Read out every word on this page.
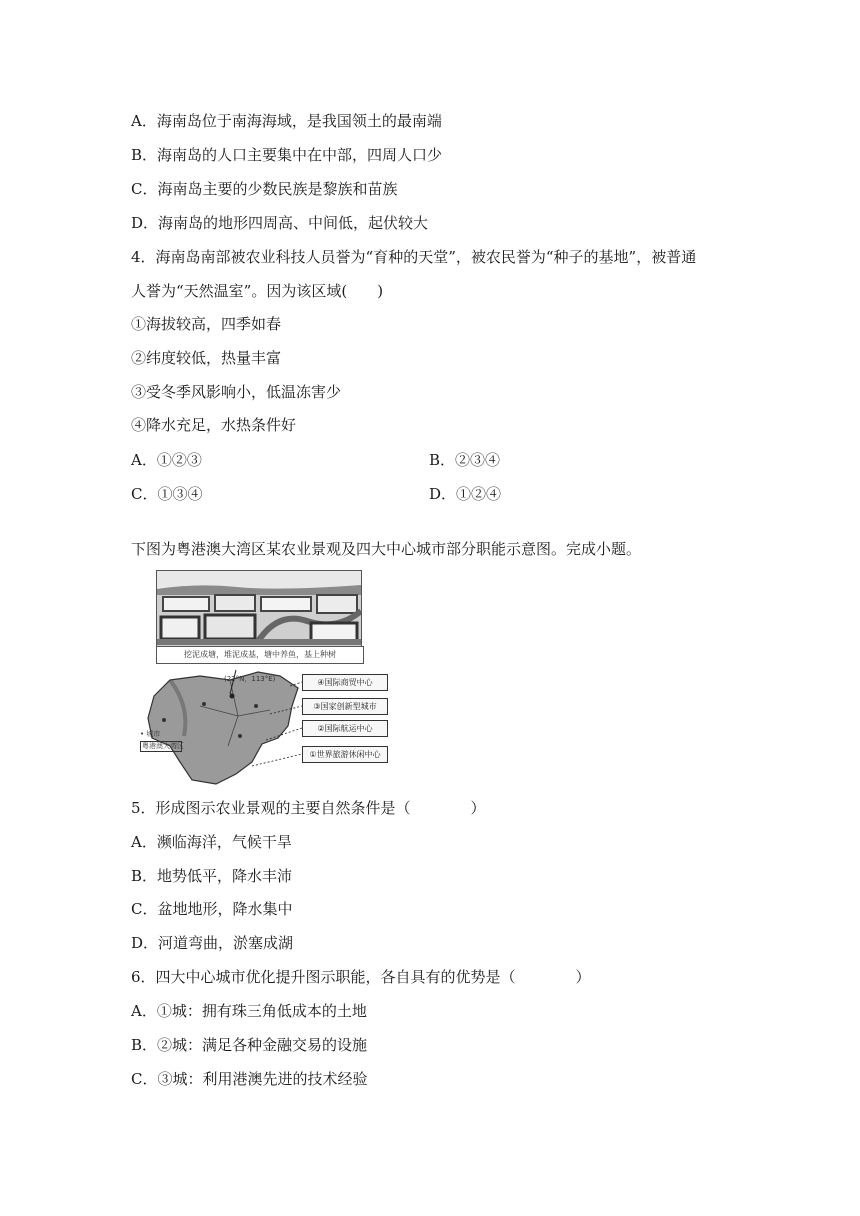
A．海南岛位于南海海域，是我国领土的最南端
B．海南岛的人口主要集中在中部，四周人口少
C．海南岛主要的少数民族是黎族和苗族
D．海南岛的地形四周高、中间低，起伏较大
4．海南岛南部被农业科技人员誉为“育种的天堂”，被农民誉为“种子的基地”，被普通
人誉为“天然温室”。因为该区域(　　)
①海拔较高，四季如春
②纬度较低，热量丰富
③受冬季风影响小，低温冻害少
④降水充足，水热条件好
A．①②③	B．②③④
C．①③④	D．①②④
下图为粤港澳大湾区某农业景观及四大中心城市部分职能示意图。完成小题。
挖泥成塘，堆泥成基，塘中养鱼，基上种树
(22°N，113°E)	④国际商贸中心
③国家创新型城市
②国际航运中心
①世界旅游休闲中心
• 城市
粤港澳大湾区
5．形成图示农业景观的主要自然条件是（　　　　）
A．濒临海洋，气候干旱
B．地势低平，降水丰沛
C．盆地地形，降水集中
D．河道弯曲，淤塞成湖
6．四大中心城市优化提升图示职能，各自具有的优势是（　　　　）
A．①城：拥有珠三角低成本的土地
B．②城：满足各种金融交易的设施
C．③城：利用港澳先进的技术经验
